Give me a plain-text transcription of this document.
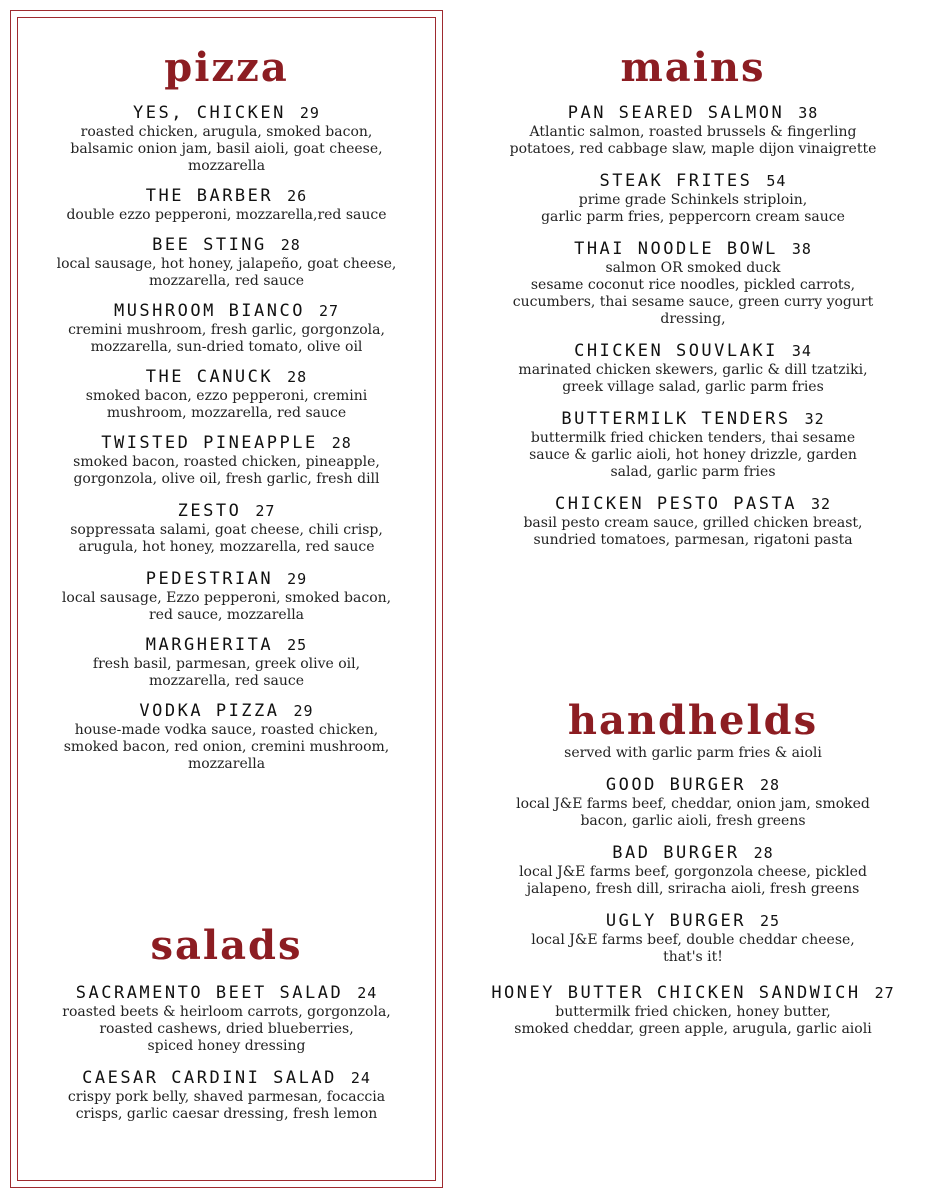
pizza
YES, CHICKEN 29
roasted chicken, arugula, smoked bacon,
balsamic onion jam, basil aioli, goat cheese,
mozzarella
THE BARBER 26
double ezzo pepperoni, mozzarella,red sauce
BEE STING 28
local sausage, hot honey, jalapeño, goat cheese,
mozzarella, red sauce
MUSHROOM BIANCO 27
cremini mushroom, fresh garlic, gorgonzola,
mozzarella, sun-dried tomato, olive oil
THE CANUCK 28
smoked bacon, ezzo pepperoni, cremini
mushroom, mozzarella, red sauce
TWISTED PINEAPPLE 28
smoked bacon, roasted chicken, pineapple,
gorgonzola, olive oil, fresh garlic, fresh dill
ZESTO 27
soppressata salami, goat cheese, chili crisp,
arugula, hot honey, mozzarella, red sauce
PEDESTRIAN 29
local sausage, Ezzo pepperoni, smoked bacon,
red sauce, mozzarella
MARGHERITA 25
fresh basil, parmesan, greek olive oil,
mozzarella, red sauce
VODKA PIZZA 29
house-made vodka sauce, roasted chicken,
smoked bacon, red onion, cremini mushroom,
mozzarella
salads
SACRAMENTO BEET SALAD 24
roasted beets & heirloom carrots, gorgonzola,
roasted cashews, dried blueberries,
spiced honey dressing
CAESAR CARDINI SALAD 24
crispy pork belly, shaved parmesan, focaccia
crisps, garlic caesar dressing, fresh lemon
mains
PAN SEARED SALMON 38
Atlantic salmon, roasted brussels & fingerling
potatoes, red cabbage slaw, maple dijon vinaigrette
STEAK FRITES 54
prime grade Schinkels striploin,
garlic parm fries, peppercorn cream sauce
THAI NOODLE BOWL 38
salmon OR smoked duck
sesame coconut rice noodles, pickled carrots,
cucumbers, thai sesame sauce, green curry yogurt
dressing,
CHICKEN SOUVLAKI 34
marinated chicken skewers, garlic & dill tzatziki,
greek village salad, garlic parm fries
BUTTERMILK TENDERS 32
buttermilk fried chicken tenders, thai sesame
sauce & garlic aioli, hot honey drizzle, garden
salad, garlic parm fries
CHICKEN PESTO PASTA 32
basil pesto cream sauce, grilled chicken breast,
sundried tomatoes, parmesan, rigatoni pasta
handhelds
served with garlic parm fries & aioli
GOOD BURGER 28
local J&E farms beef, cheddar, onion jam, smoked
bacon, garlic aioli, fresh greens
BAD BURGER 28
local J&E farms beef, gorgonzola cheese, pickled
jalapeno, fresh dill, sriracha aioli, fresh greens
UGLY BURGER 25
local J&E farms beef, double cheddar cheese,
that's it!
HONEY BUTTER CHICKEN SANDWICH 27
buttermilk fried chicken, honey butter,
smoked cheddar, green apple, arugula, garlic aioli
